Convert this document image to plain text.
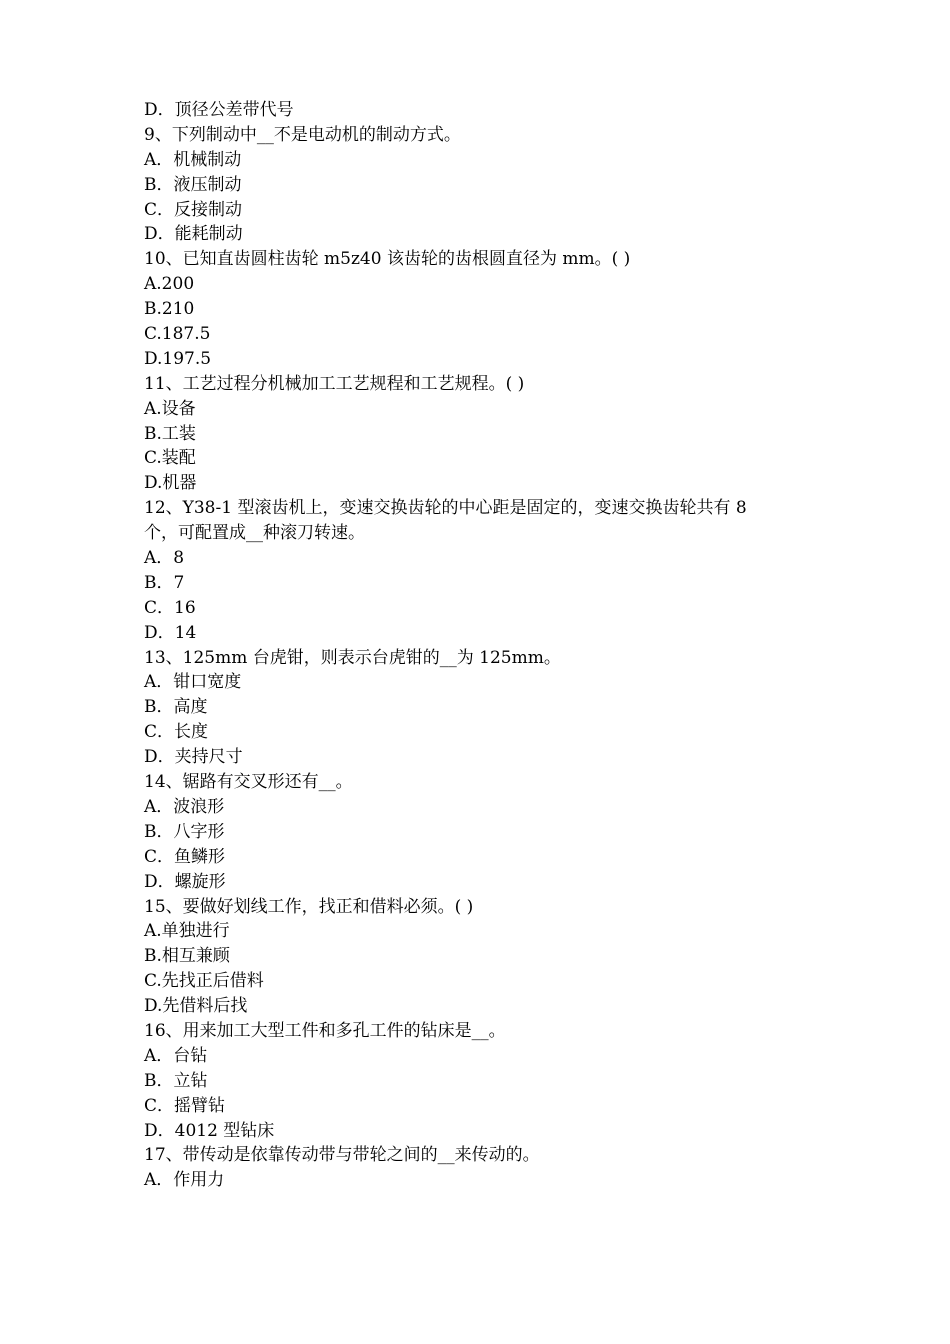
D．顶径公差带代号
9、下列制动中__不是电动机的制动方式。
A．机械制动
B．液压制动
C．反接制动
D．能耗制动
10、已知直齿圆柱齿轮 m5z40 该齿轮的齿根圆直径为 mm。( )
A.200
B.210
C.187.5
D.197.5
11、工艺过程分机械加工工艺规程和工艺规程。( )
A.设备
B.工装
C.装配
D.机器
12、Y38-1 型滚齿机上，变速交换齿轮的中心距是固定的，变速交换齿轮共有 8
个，可配置成__种滚刀转速。
A．8
B．7
C．16
D．14
13、125mm 台虎钳，则表示台虎钳的__为 125mm。
A．钳口宽度
B．高度
C．长度
D．夹持尺寸
14、锯路有交叉形还有__。
A．波浪形
B．八字形
C．鱼鳞形
D．螺旋形
15、要做好划线工作，找正和借料必须。( )
A.单独进行
B.相互兼顾
C.先找正后借料
D.先借料后找
16、用来加工大型工件和多孔工件的钻床是__。
A．台钻
B．立钻
C．摇臂钻
D．4012 型钻床
17、带传动是依靠传动带与带轮之间的__来传动的。
A．作用力
